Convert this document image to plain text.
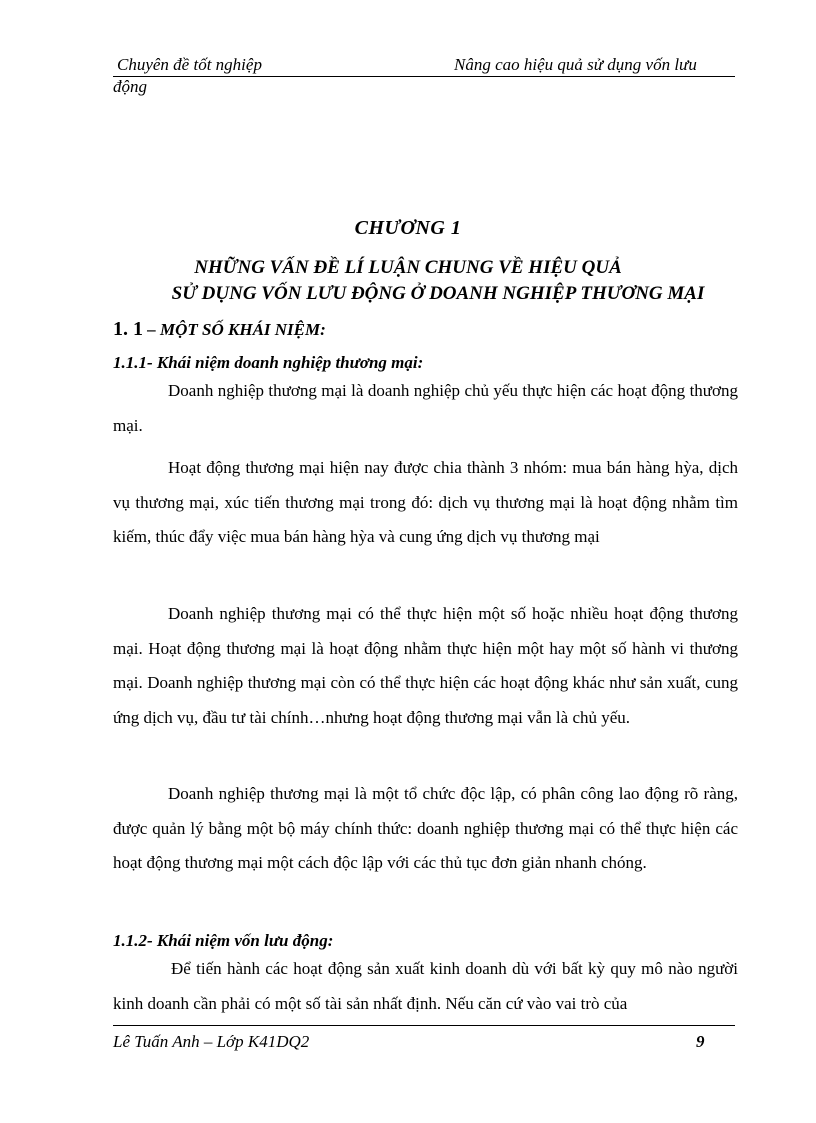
Chuyên đề tốt nghiệp	Nâng cao hiệu quả sử dụng vốn lưu
động
CHƯƠNG 1
NHỮNG VẤN ĐỀ LÍ LUẬN CHUNG VỀ HIỆU QUẢ
SỬ DỤNG VỐN LƯU ĐỘNG Ở DOANH NGHIỆP THƯƠNG MẠI
1. 1 – MỘT SỐ KHÁI NIỆM:
1.1.1- Khái niệm doanh nghiệp thương mại:
Doanh nghiệp thương mại là doanh nghiệp chủ yếu thực hiện các hoạt động thương mại.
Hoạt động thương mại hiện nay được chia thành 3 nhóm: mua bán hàng hỳa, dịch vụ thương mại, xúc tiến thương mại trong đó: dịch vụ thương mại là hoạt động nhằm tìm kiếm, thúc đẩy việc mua bán hàng hỳa và cung ứng dịch vụ thương mại
Doanh nghiệp thương mại có thể thực hiện một số hoặc nhiều hoạt động thương mại. Hoạt động thương mại là hoạt động nhằm thực hiện một hay một số hành vi thương mại. Doanh nghiệp thương mại còn có thể thực hiện các hoạt động khác như sản xuất, cung ứng dịch vụ, đầu tư tài chính…nhưng hoạt động thương mại vẫn là chủ yếu.
Doanh nghiệp thương mại là một tổ chức độc lập, có phân công lao động rõ ràng, được quản lý bằng một bộ máy chính thức: doanh nghiệp thương mại có thể thực hiện các hoạt động thương mại một cách độc lập với các thủ tục đơn giản nhanh chóng.
1.1.2- Khái niệm vốn lưu động:
Để tiến hành các hoạt động sản xuất kinh doanh dù với bất kỳ quy mô nào người kinh doanh cần phải có một số tài sản nhất định. Nếu căn cứ vào vai trò của
Lê Tuấn Anh – Lớp K41DQ2	9
